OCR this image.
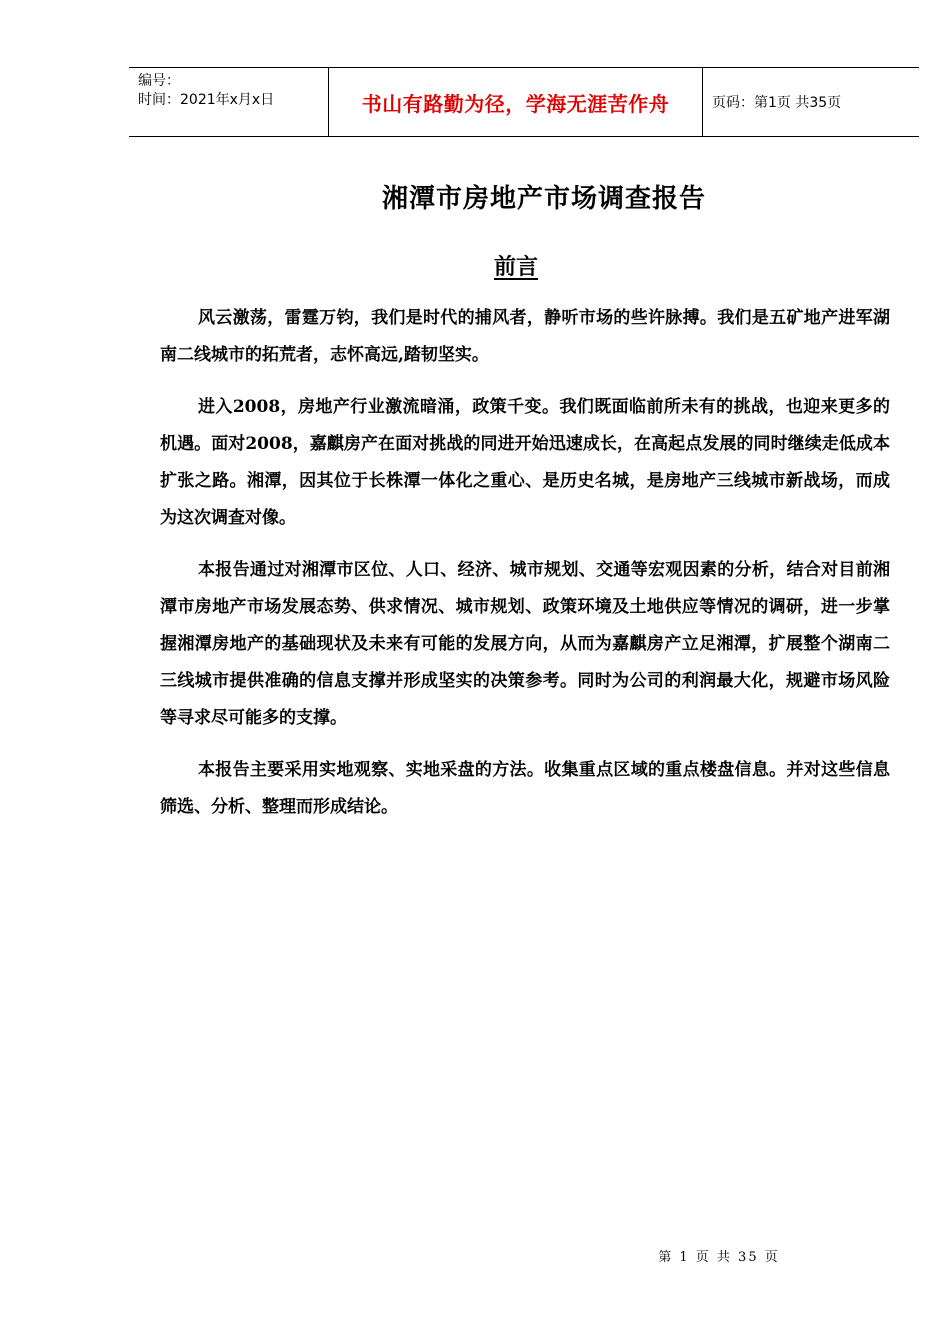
编号：
时间：2021年x月x日	书山有路勤为径，学海无涯苦作舟	页码：第1页 共35页
湘潭市房地产市场调查报告
前言

风云激荡，雷霆万钧，我们是时代的捕风者，静听市场的些许脉搏。我们是五矿地产进军湖南二线城市的拓荒者，志怀高远,踏韧坚实。

进入2008，房地产行业激流暗涌，政策千变。我们既面临前所未有的挑战，也迎来更多的机遇。面对2008，嘉麒房产在面对挑战的同进开始迅速成长，在高起点发展的同时继续走低成本扩张之路。湘潭，因其位于长株潭一体化之重心、是历史名城，是房地产三线城市新战场，而成为这次调查对像。

本报告通过对湘潭市区位、人口、经济、城市规划、交通等宏观因素的分析，结合对目前湘潭市房地产市场发展态势、供求情况、城市规划、政策环境及土地供应等情况的调研，进一步掌握湘潭房地产的基础现状及未来有可能的发展方向，从而为嘉麒房产立足湘潭，扩展整个湖南二三线城市提供准确的信息支撑并形成坚实的决策参考。同时为公司的利润最大化，规避市场风险等寻求尽可能多的支撑。

本报告主要采用实地观察、实地采盘的方法。收集重点区域的重点楼盘信息。并对这些信息筛选、分析、整理而形成结论。

第 1 页 共 35 页
